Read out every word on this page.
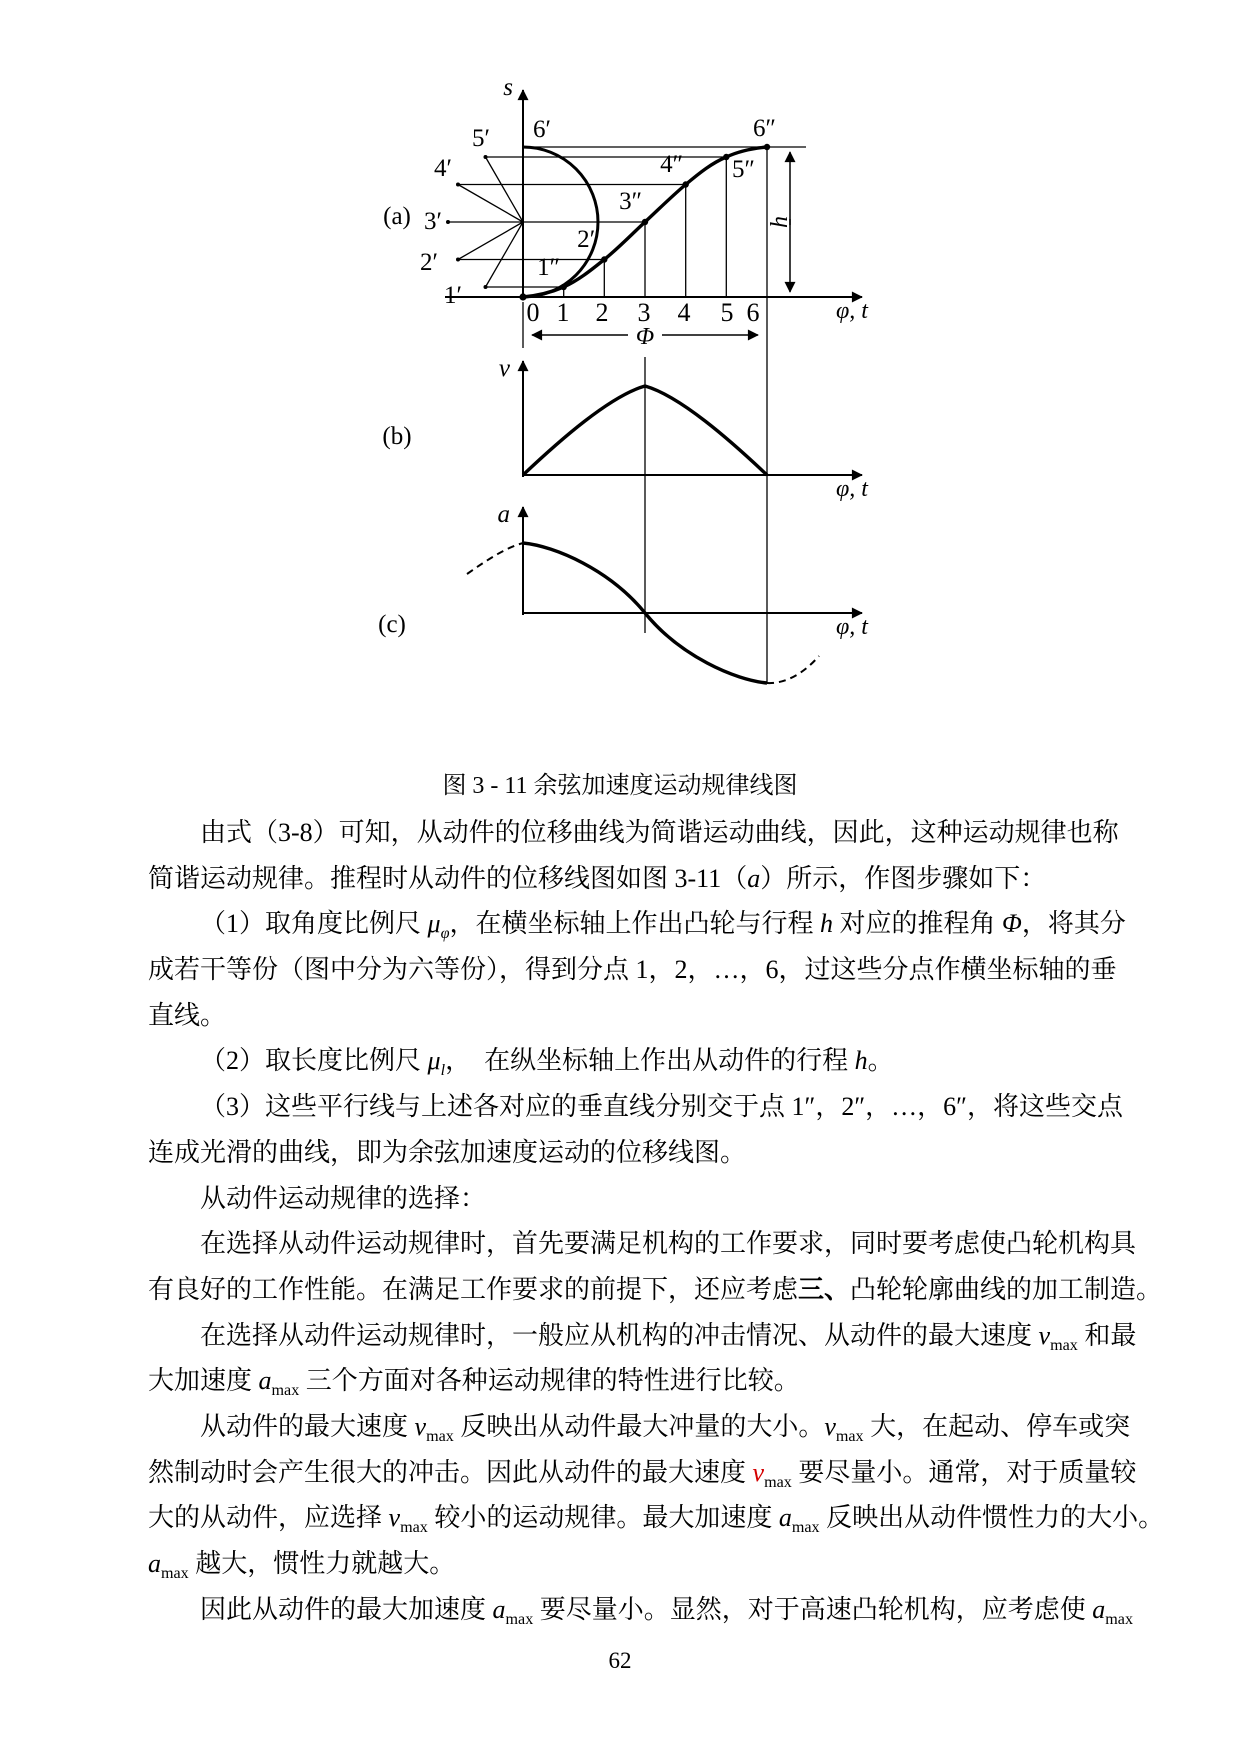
s
φ, t
0 1 2 3 4 5 6
1′
2′
3′
4′
5′ 6′
1″
2″
3″
4″ 5″
6″
h
Φ
(a)
v
φ, t
(b)
a
φ, t
(c)
图 3 - 11 余弦加速度运动规律线图
由式（3-8）可知，从动件的位移曲线为简谐运动曲线，因此，这种运动规律也称
简谐运动规律。推程时从动件的位移线图如图 3-11（a）所示，作图步骤如下：
（1）取角度比例尺 $\mu_\varphi$，在横坐标轴上作出凸轮与行程 h 对应的推程角 Φ，将其分
成若干等份（图中分为六等份），得到分点 1，2，…，6，过这些分点作横坐标轴的垂
直线。
（2）取长度比例尺 $\mu_l$，　在纵坐标轴上作出从动件的行程 h。
（3）这些平行线与上述各对应的垂直线分别交于点 1″，2″，…，6″，将这些交点
连成光滑的曲线，即为余弦加速度运动的位移线图。
从动件运动规律的选择：
在选择从动件运动规律时，首先要满足机构的工作要求，同时要考虑使凸轮机构具
有良好的工作性能。在满足工作要求的前提下，还应考虑三、凸轮轮廓曲线的加工制造。
在选择从动件运动规律时，一般应从机构的冲击情况、从动件的最大速度 $v_{max}$ 和最
大加速度 $a_{max}$ 三个方面对各种运动规律的特性进行比较。
从动件的最大速度 $v_{max}$ 反映出从动件最大冲量的大小。$v_{max}$ 大，在起动、停车或突
然制动时会产生很大的冲击。因此从动件的最大速度 $v_{max}$ 要尽量小。通常，对于质量较
大的从动件，应选择 $v_{max}$ 较小的运动规律。最大加速度 $a_{max}$ 反映出从动件惯性力的大小。
$a_{max}$ 越大，惯性力就越大。
因此从动件的最大加速度 $a_{max}$ 要尽量小。显然，对于高速凸轮机构，应考虑使 $a_{max}$
62
